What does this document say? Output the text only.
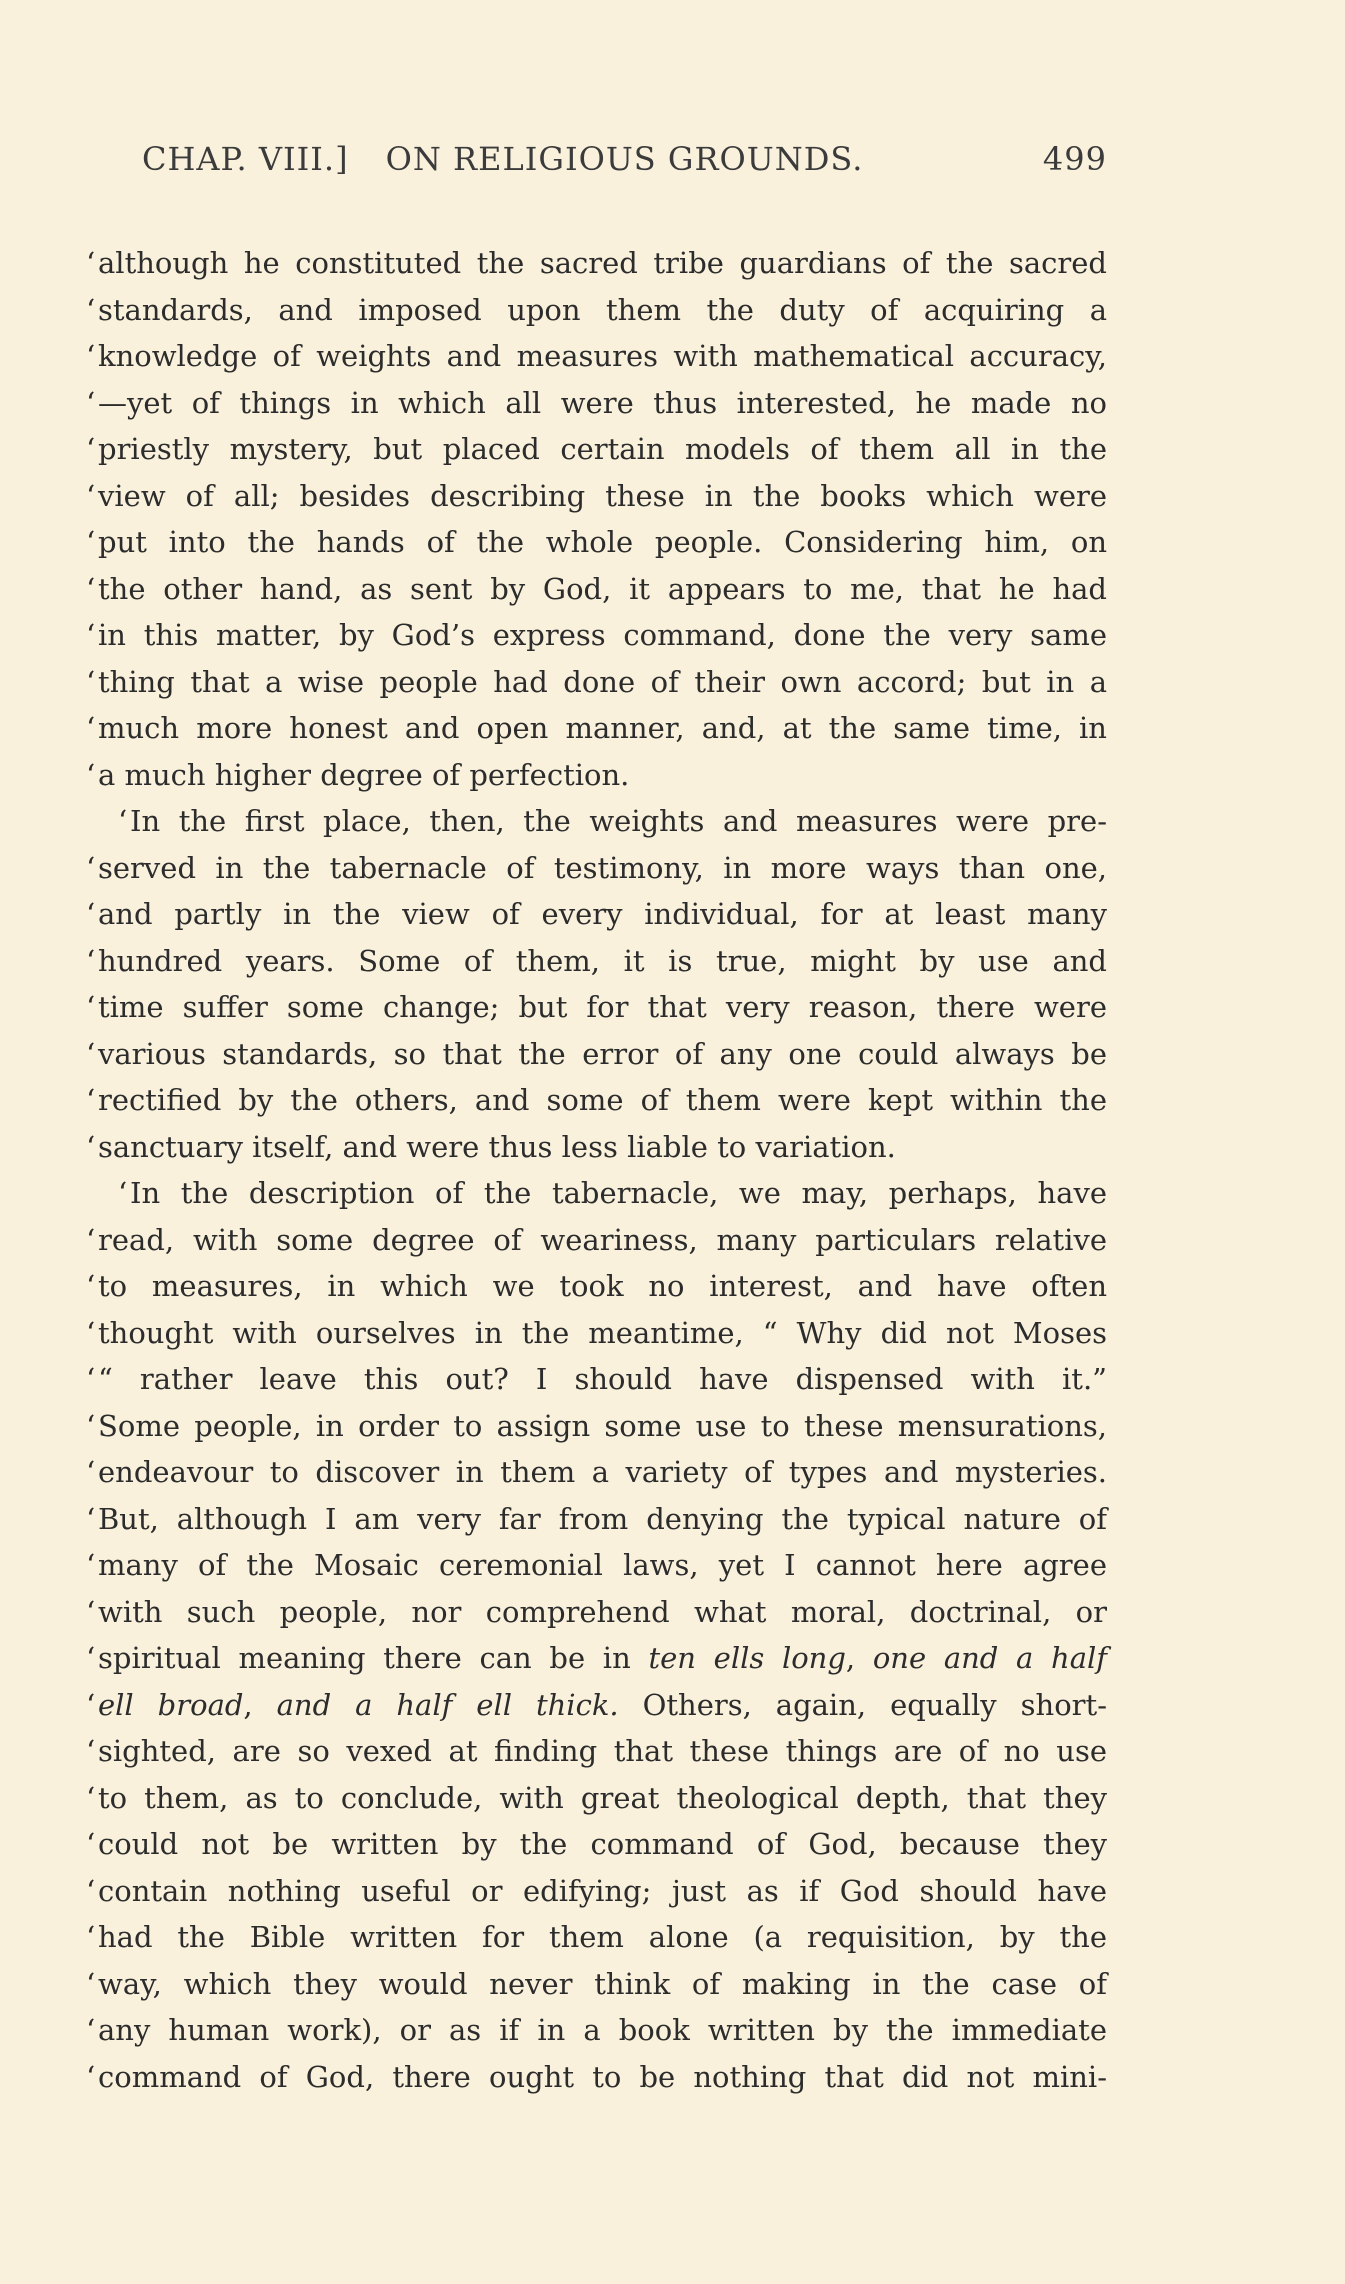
CHAP. VIII.]	ON RELIGIOUS GROUNDS.	499
‘ although he constituted the sacred tribe guardians of the sacred
‘ standards, and imposed upon them the duty of acquiring a
‘ knowledge of weights and measures with mathematical accuracy,
‘ —yet of things in which all were thus interested, he made no
‘ priestly mystery, but placed certain models of them all in the
‘ view of all; besides describing these in the books which were
‘ put into the hands of the whole people. Considering him, on
‘ the other hand, as sent by God, it appears to me, that he had
‘ in this matter, by God’s express command, done the very same
‘ thing that a wise people had done of their own accord; but in a
‘ much more honest and open manner, and, at the same time, in
‘ a much higher degree of perfection.
‘ In the first place, then, the weights and measures were pre-
‘ served in the tabernacle of testimony, in more ways than one,
‘ and partly in the view of every individual, for at least many
‘ hundred years. Some of them, it is true, might by use and
‘ time suffer some change; but for that very reason, there were
‘ various standards, so that the error of any one could always be
‘ rectified by the others, and some of them were kept within the
‘ sanctuary itself, and were thus less liable to variation.
‘ In the description of the tabernacle, we may, perhaps, have
‘ read, with some degree of weariness, many particulars relative
‘ to measures, in which we took no interest, and have often
‘ thought with ourselves in the meantime, “ Why did not Moses
‘ “ rather leave this out? I should have dispensed with it.”
‘ Some people, in order to assign some use to these mensurations,
‘ endeavour to discover in them a variety of types and mysteries.
‘ But, although I am very far from denying the typical nature of
‘ many of the Mosaic ceremonial laws, yet I cannot here agree
‘ with such people, nor comprehend what moral, doctrinal, or
‘ spiritual meaning there can be in ten ells long, one and a half
‘ ell broad, and a half ell thick. Others, again, equally short-
‘ sighted, are so vexed at finding that these things are of no use
‘ to them, as to conclude, with great theological depth, that they
‘ could not be written by the command of God, because they
‘ contain nothing useful or edifying; just as if God should have
‘ had the Bible written for them alone (a requisition, by the
‘ way, which they would never think of making in the case of
‘ any human work), or as if in a book written by the immediate
‘ command of God, there ought to be nothing that did not mini-
